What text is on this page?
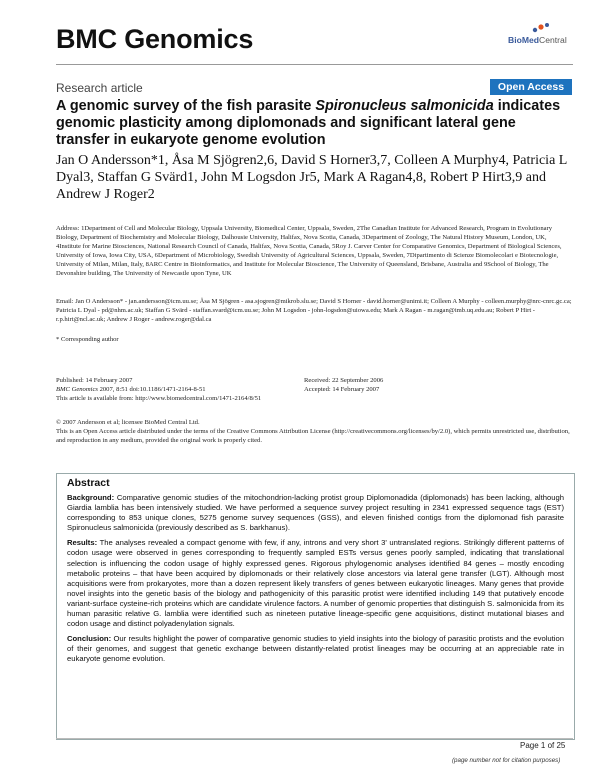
BMC Genomics	BioMedCentral
Research article	Open Access
A genomic survey of the fish parasite Spironucleus salmonicida indicates genomic plasticity among diplomonads and significant lateral gene transfer in eukaryote genome evolution
Jan O Andersson*1, Åsa M Sjögren2,6, David S Horner3,7, Colleen A Murphy4, Patricia L Dyal3, Staffan G Svärd1, John M Logsdon Jr5, Mark A Ragan4,8, Robert P Hirt3,9 and Andrew J Roger2
Address: 1Department of Cell and Molecular Biology, Uppsala University, Biomedical Center, Uppsala, Sweden, 2The Canadian Institute for Advanced Research, Program in Evolutionary Biology, Department of Biochemistry and Molecular Biology, Dalhousie University, Halifax, Nova Scotia, Canada, 3Department of Zoology, The Natural History Museum, London, UK, 4Institute for Marine Biosciences, National Research Council of Canada, Halifax, Nova Scotia, Canada, 5Roy J. Carver Center for Comparative Genomics, Department of Biological Sciences, University of Iowa, Iowa City, USA, 6Department of Microbiology, Swedish University of Agricultural Sciences, Uppsala, Sweden, 7Dipartimento di Scienze Biomolecolari e Biotecnologie, University of Milan, Milan, Italy, 8ARC Centre in Bioinformatics, and Institute for Molecular Bioscience, The University of Queensland, Brisbane, Australia and 9School of Biology, The Devonshire building, The University of Newcastle upon Tyne, UK
Email: Jan O Andersson* - jan.andersson@icm.uu.se; Åsa M Sjögren - asa.sjogren@mikrob.slu.se; David S Horner - david.horner@unimi.it; Colleen A Murphy - colleen.murphy@nrc-cnrc.gc.ca; Patricia L Dyal - pd@nhm.ac.uk; Staffan G Svärd - staffan.svard@icm.uu.se; John M Logsdon - john-logsdon@uiowa.edu; Mark A Ragan - m.ragan@imb.uq.edu.au; Robert P Hirt - r.p.hirt@ncl.ac.uk; Andrew J Roger - andrew.roger@dal.ca
* Corresponding author
Published: 14 February 2007
BMC Genomics 2007, 8:51 doi:10.1186/1471-2164-8-51
This article is available from: http://www.biomedcentral.com/1471-2164/8/51
Received: 22 September 2006
Accepted: 14 February 2007
© 2007 Andersson et al; licensee BioMed Central Ltd.
This is an Open Access article distributed under the terms of the Creative Commons Attribution License (http://creativecommons.org/licenses/by/2.0), which permits unrestricted use, distribution, and reproduction in any medium, provided the original work is properly cited.
Abstract

Background: Comparative genomic studies of the mitochondrion-lacking protist group Diplomonadida (diplomonads) has been lacking, although Giardia lamblia has been intensively studied. We have performed a sequence survey project resulting in 2341 expressed sequence tags (EST) corresponding to 853 unique clones, 5275 genome survey sequences (GSS), and eleven finished contigs from the diplomonad fish parasite Spironucleus salmonicida (previously described as S. barkhanus).

Results: The analyses revealed a compact genome with few, if any, introns and very short 3' untranslated regions. Strikingly different patterns of codon usage were observed in genes corresponding to frequently sampled ESTs versus genes poorly sampled, indicating that translational selection is influencing the codon usage of highly expressed genes. Rigorous phylogenomic analyses identified 84 genes – mostly encoding metabolic proteins – that have been acquired by diplomonads or their relatively close ancestors via lateral gene transfer (LGT). Although most acquisitions were from prokaryotes, more than a dozen represent likely transfers of genes between eukaryotic lineages. Many genes that provide novel insights into the genetic basis of the biology and pathogenicity of this parasitic protist were identified including 149 that putatively encode variant-surface cysteine-rich proteins which are candidate virulence factors. A number of genomic properties that distinguish S. salmonicida from its human parasitic relative G. lamblia were identified such as nineteen putative lineage-specific gene acquisitions, distinct mutational biases and codon usage and distinct polyadenylation signals.

Conclusion: Our results highlight the power of comparative genomic studies to yield insights into the biology of parasitic protists and the evolution of their genomes, and suggest that genetic exchange between distantly-related protist lineages may be occurring at an appreciable rate in eukaryote genome evolution.

Page 1 of 25
(page number not for citation purposes)
